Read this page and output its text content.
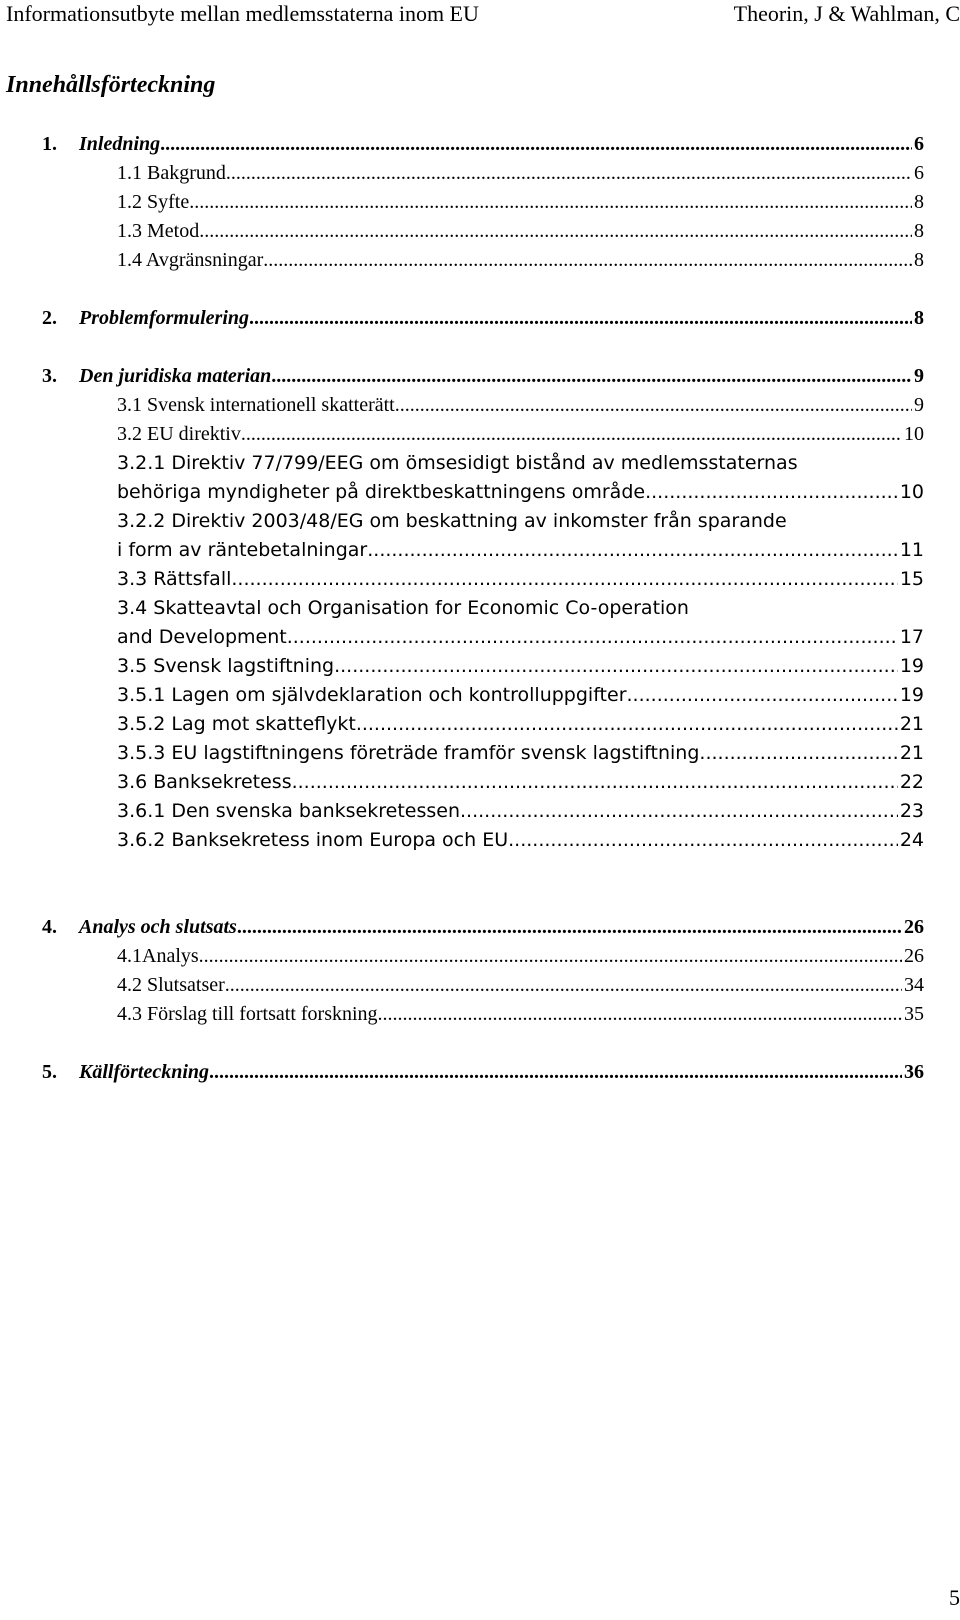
Informationsutbyte mellan medlemsstaterna inom EU	Theorin, J & Wahlman, C
Innehållsförteckning
1. Inledning .....	6
1.1 Bakgrund .....	6
1.2 Syfte .....	8
1.3 Metod .....	8
1.4 Avgränsningar .....	8
2. Problemformulering .....	8
3. Den juridiska materian .....	9
3.1 Svensk internationell skatterätt .....	9
3.2 EU direktiv .....	10
3.2.1 Direktiv 77/799/EEG om ömsesidigt bistånd av medlemsstaternas
behöriga myndigheter på direktbeskattningens område .....	10
3.2.2 Direktiv 2003/48/EG om beskattning av inkomster från sparande
i form av räntebetalningar .....	11
3.3 Rättsfall .....	15
3.4 Skatteavtal och Organisation for Economic Co-operation
and Development .....	17
3.5 Svensk lagstiftning .....	19
3.5.1 Lagen om självdeklaration och kontrolluppgifter .....	19
3.5.2 Lag mot skatteflykt .....	21
3.5.3 EU lagstiftningens företräde framför svensk lagstiftning .....	21
3.6 Banksekretess .....	22
3.6.1 Den svenska banksekretessen .....	23
3.6.2 Banksekretess inom Europa och EU .....	24
4. Analys och slutsats .....	26
4.1Analys .....	26
4.2 Slutsatser .....	34
4.3 Förslag till fortsatt forskning .....	35
5. Källförteckning .....	36
5
